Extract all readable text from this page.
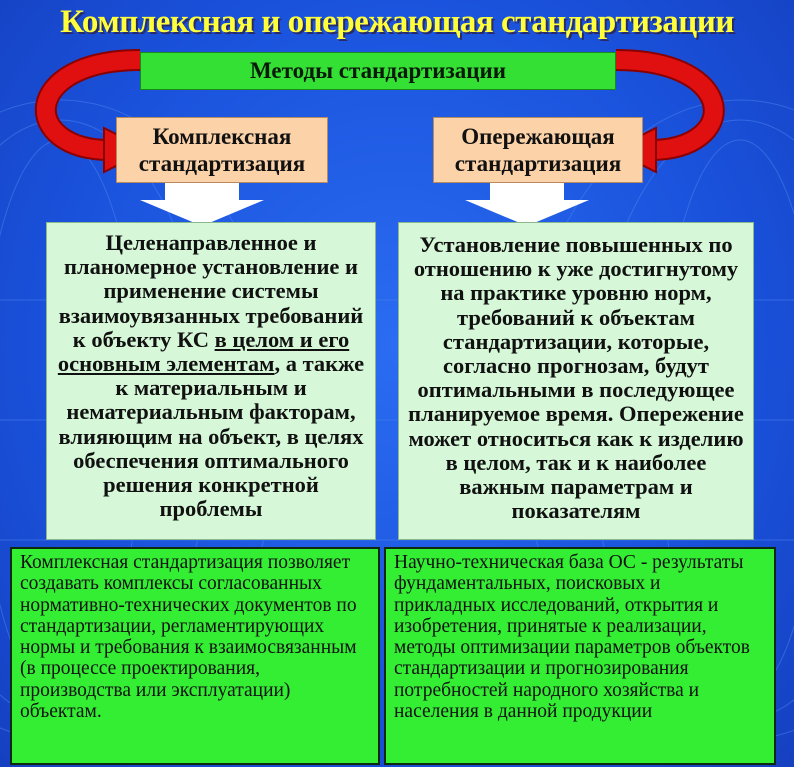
Комплексная и опережающая стандартизации
Методы стандартизации
Комплексная
стандартизация
Опережающая
стандартизация
Целенаправленное и планомерное установление и применение системы взаимоувязанных требований к объекту КС в целом и его основным элементам, а также к материальным и нематериальным факторам, влияющим на объект, в целях обеспечения оптимального решения конкретной проблемы
Установление повышенных по отношению к уже достигнутому на практике уровню норм, требований к объектам стандартизации, которые, согласно прогнозам, будут оптимальными в последующее планируемое время. Опережение может относиться как к изделию в целом, так и к наиболее важным параметрам и показателям
Комплексная стандартизация позволяет создавать комплексы согласованных нормативно-технических документов по стандартизации, регламентирующих нормы и требования к взаимосвязанным (в процессе проектирования, производства или эксплуатации) объектам.
Научно-техническая база ОС - результаты фундаментальных, поисковых и прикладных исследований, открытия и изобретения, принятые к реализации, методы оптимизации параметров объектов стандартизации и прогнозирования потребностей народного хозяйства и населения в данной продукции
